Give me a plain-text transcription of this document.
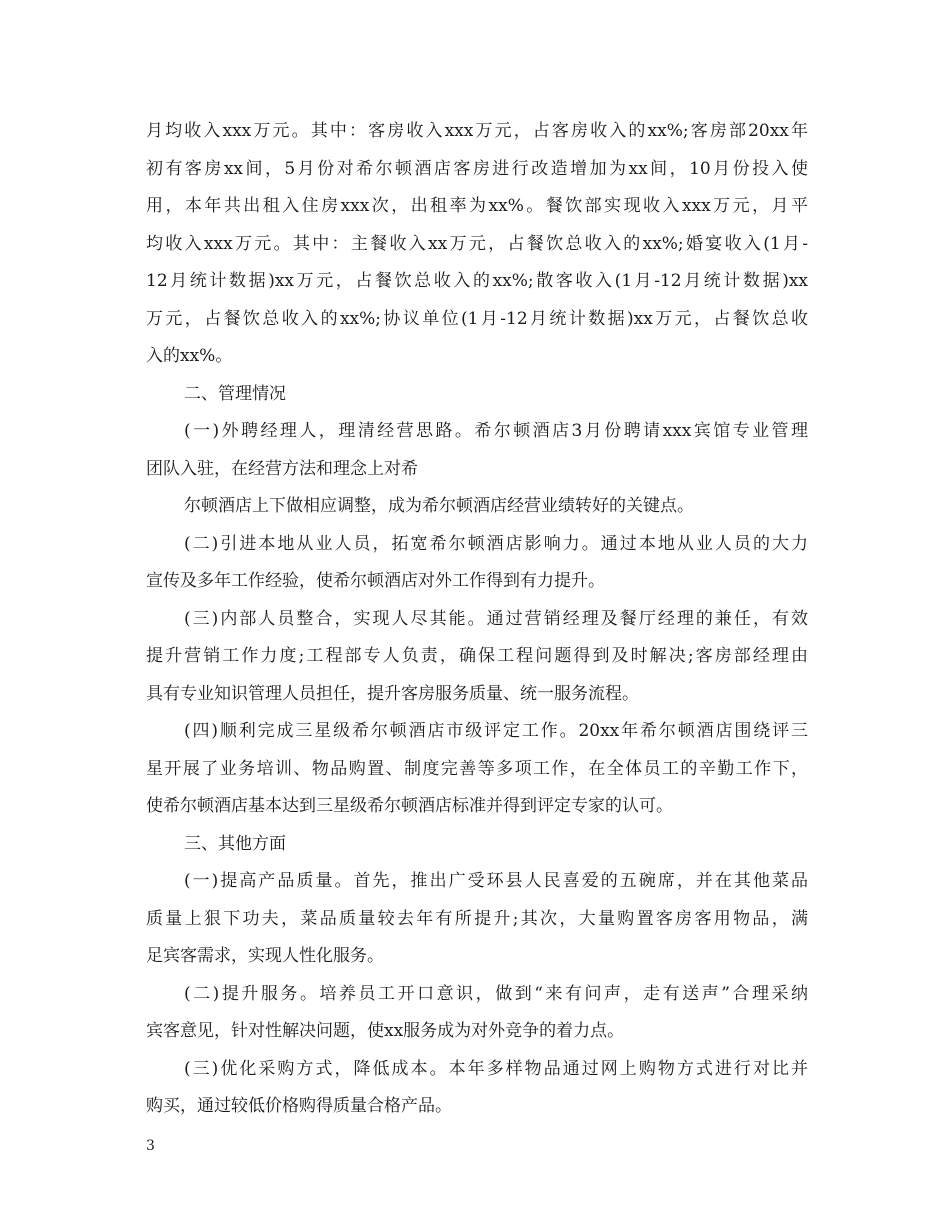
月均收入xxx万元。其中：客房收入xxx万元，占客房收入的xx%;客房部20xx年
初有客房xx间，5月份对希尔顿酒店客房进行改造增加为xx间，10月份投入使
用，本年共出租入住房xxx次，出租率为xx%。餐饮部实现收入xxx万元，月平
均收入xxx万元。其中：主餐收入xx万元，占餐饮总收入的xx%;婚宴收入(1月-
12月统计数据)xx万元，占餐饮总收入的xx%;散客收入(1月-12月统计数据)xx
万元，占餐饮总收入的xx%;协议单位(1月-12月统计数据)xx万元，占餐饮总收
入的xx%。
二、管理情况
(一)外聘经理人，理清经营思路。希尔顿酒店3月份聘请xxx宾馆专业管理
团队入驻，在经营方法和理念上对希
尔顿酒店上下做相应调整，成为希尔顿酒店经营业绩转好的关键点。
(二)引进本地从业人员，拓宽希尔顿酒店影响力。通过本地从业人员的大力
宣传及多年工作经验，使希尔顿酒店对外工作得到有力提升。
(三)内部人员整合，实现人尽其能。通过营销经理及餐厅经理的兼任，有效
提升营销工作力度;工程部专人负责，确保工程问题得到及时解决;客房部经理由
具有专业知识管理人员担任，提升客房服务质量、统一服务流程。
(四)顺利完成三星级希尔顿酒店市级评定工作。20xx年希尔顿酒店围绕评三
星开展了业务培训、物品购置、制度完善等多项工作，在全体员工的辛勤工作下，
使希尔顿酒店基本达到三星级希尔顿酒店标准并得到评定专家的认可。
三、其他方面
(一)提高产品质量。首先，推出广受环县人民喜爱的五碗席，并在其他菜品
质量上狠下功夫，菜品质量较去年有所提升;其次，大量购置客房客用物品，满
足宾客需求，实现人性化服务。
(二)提升服务。培养员工开口意识，做到“来有问声，走有送声”合理采纳
宾客意见，针对性解决问题，使xx服务成为对外竞争的着力点。
(三)优化采购方式，降低成本。本年多样物品通过网上购物方式进行对比并
购买，通过较低价格购得质量合格产品。
3
